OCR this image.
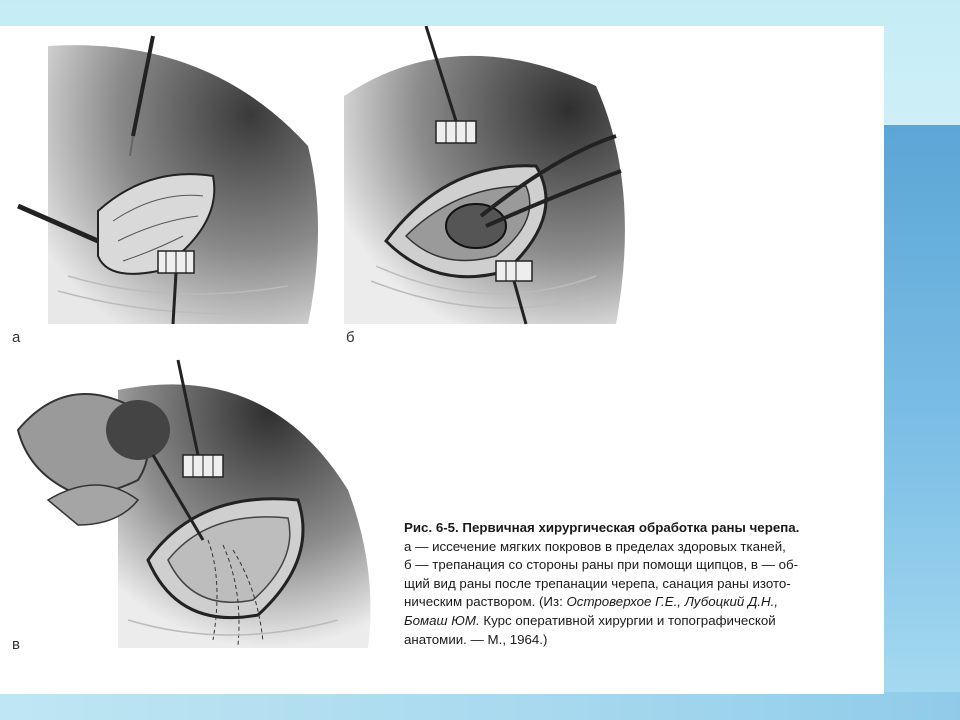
а	б
в
Рис. 6-5. Первичная хирургическая обработка раны черепа.
а — иссечение мягких покровов в пределах здоровых тканей,
б — трепанация со стороны раны при помощи щипцов, в — об-
щий вид раны после трепанации черепа, санация раны изото-
ническим раствором. (Из: Островерхое Г.Е., Лубоцкий Д.Н.,
Бомаш ЮМ. Курс оперативной хирургии и топографической
анатомии. — М., 1964.)
